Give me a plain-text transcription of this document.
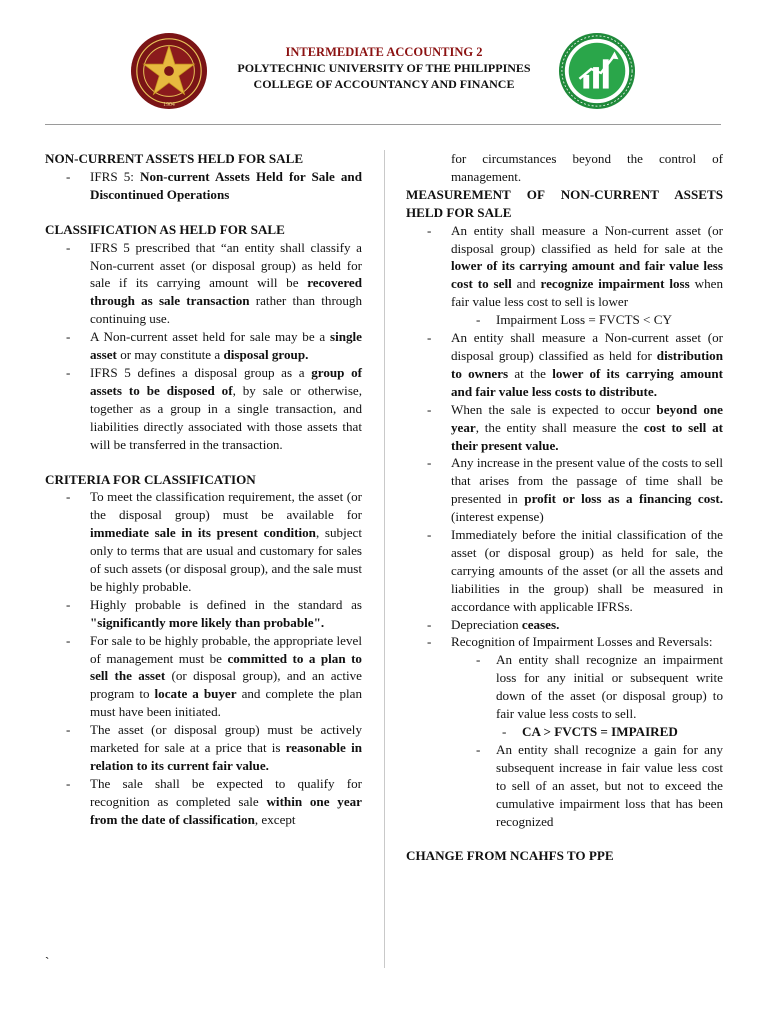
1904
INTERMEDIATE ACCOUNTING 2
POLYTECHNIC UNIVERSITY OF THE PHILIPPINES
COLLEGE OF ACCOUNTANCY AND FINANCE

NON-CURRENT ASSETS HELD FOR SALE

- IFRS 5: Non-current Assets Held for Sale and Discontinued Operations

CLASSIFICATION AS HELD FOR SALE

- IFRS 5 prescribed that “an entity shall classify a Non-current asset (or disposal group) as held for sale if its carrying amount will be recovered through as sale transaction rather than through continuing use.
- A Non-current asset held for sale may be a single asset or may constitute a disposal group.
- IFRS 5 defines a disposal group as a group of assets to be disposed of, by sale or otherwise, together as a group in a single transaction, and liabilities directly associated with those assets that will be transferred in the transaction.

CRITERIA FOR CLASSIFICATION

- To meet the classification requirement, the asset (or the disposal group) must be available for immediate sale in its present condition, subject only to terms that are usual and customary for sales of such assets (or disposal group), and the sale must be highly probable.
- Highly probable is defined in the standard as "significantly more likely than probable".
- For sale to be highly probable, the appropriate level of management must be committed to a plan to sell the asset (or disposal group), and an active program to locate a buyer and complete the plan must have been initiated.
- The asset (or disposal group) must be actively marketed for sale at a price that is reasonable in relation to its current fair value.
- The sale shall be expected to qualify for recognition as completed sale within one year from the date of classification, except

for circumstances beyond the control of management.

MEASUREMENT OF NON-CURRENT ASSETS HELD FOR SALE

- An entity shall measure a Non-current asset (or disposal group) classified as held for sale at the lower of its carrying amount and fair value less cost to sell and recognize impairment loss when fair value less cost to sell is lower
- Impairment Loss = FVCTS < CY
- An entity shall measure a Non-current asset (or disposal group) classified as held for distribution to owners at the lower of its carrying amount and fair value less costs to distribute.
- When the sale is expected to occur beyond one year, the entity shall measure the cost to sell at their present value.
- Any increase in the present value of the costs to sell that arises from the passage of time shall be presented in profit or loss as a financing cost. (interest expense)
- Immediately before the initial classification of the asset (or disposal group) as held for sale, the carrying amounts of the asset (or all the assets and liabilities in the group) shall be measured in accordance with applicable IFRSs.
- Depreciation ceases.
- Recognition of Impairment Losses and Reversals:
- An entity shall recognize an impairment loss for any initial or subsequent write down of the asset (or disposal group) to fair value less costs to sell.
- CA > FVCTS = IMPAIRED
- An entity shall recognize a gain for any subsequent increase in fair value less cost to sell of an asset, but not to exceed the cumulative impairment loss that has been recognized

CHANGE FROM NCAHFS TO PPE

`
